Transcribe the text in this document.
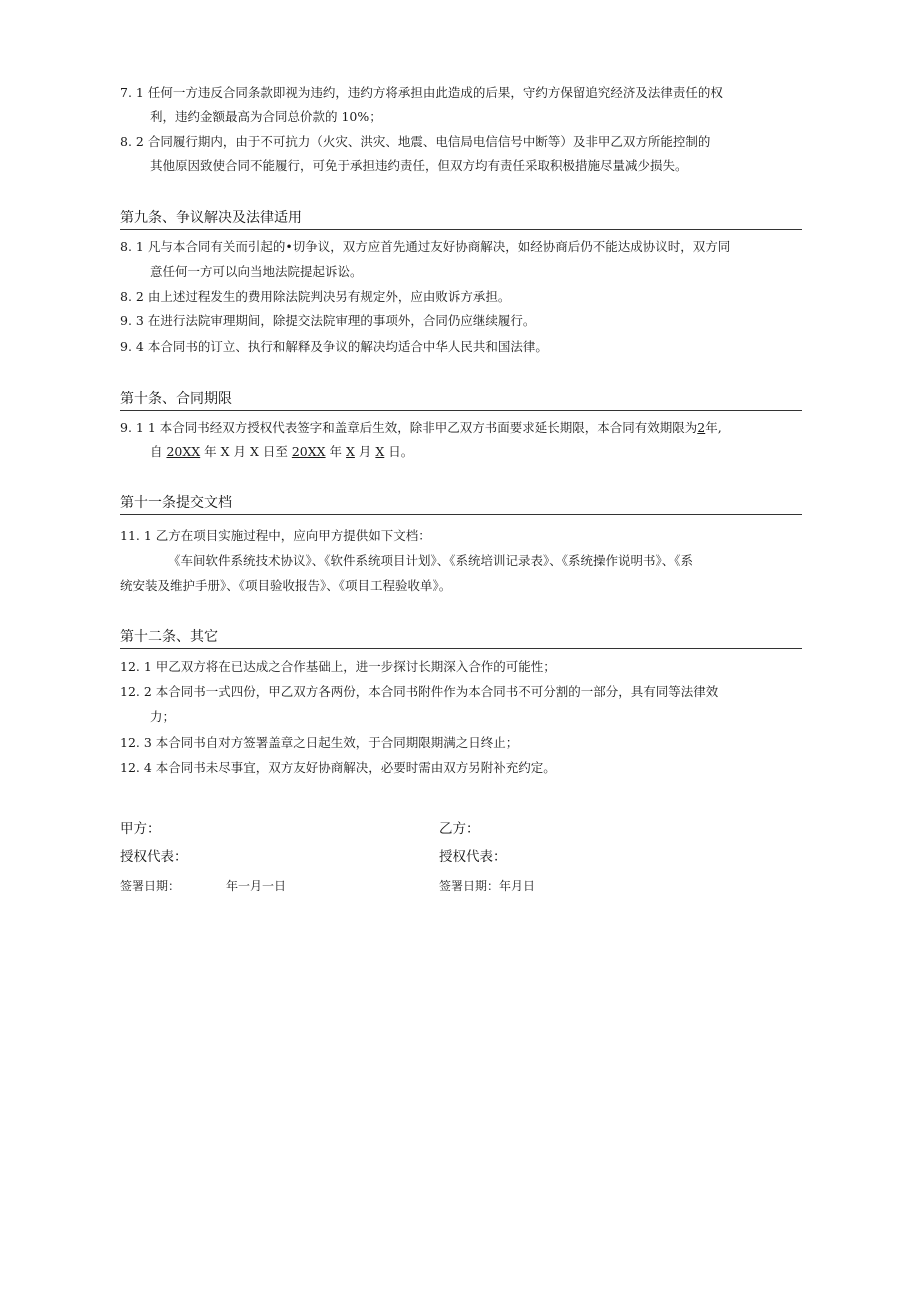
7. 1 任何一方违反合同条款即视为违约，违约方将承担由此造成的后果，守约方保留追究经济及法律责任的权
利，违约金额最高为合同总价款的 10%；
8. 2 合同履行期内，由于不可抗力（火灾、洪灾、地震、电信局电信信号中断等）及非甲乙双方所能控制的
其他原因致使合同不能履行，可免于承担违约责任，但双方均有责任采取积极措施尽量减少损失。
第九条、争议解决及法律适用
8. 1 凡与本合同有关而引起的•切争议，双方应首先通过友好协商解决，如经协商后仍不能达成协议时，双方同
意任何一方可以向当地法院提起诉讼。
8. 2 由上述过程发生的费用除法院判决另有规定外，应由败诉方承担。
9. 3 在进行法院审理期间，除提交法院审理的事项外，合同仍应继续履行。
9. 4 本合同书的订立、执行和解释及争议的解决均适合中华人民共和国法律。
第十条、合同期限
9. 1 1 本合同书经双方授权代表签字和盖章后生效，除非甲乙双方书面要求延长期限，本合同有效期限为2年,
自 20XX 年 X 月 X 日至 20XX 年 X 月 X 日。
第十一条提交文档
11. 1 乙方在项目实施过程中，应向甲方提供如下文档：
《车间软件系统技术协议》、《软件系统项目计划》、《系统培训记录表》、《系统操作说明书》、《系
统安装及维护手册》、《项目验收报告》、《项目工程验收单》。
第十二条、其它
12. 1 甲乙双方将在已达成之合作基础上，进一步探讨长期深入合作的可能性；
12. 2 本合同书一式四份，甲乙双方各两份，本合同书附件作为本合同书不可分割的一部分，具有同等法律效
力；
12. 3 本合同书自对方签署盖章之日起生效，于合同期限期满之日终止；
12. 4 本合同书未尽事宜，双方友好协商解决，必要时需由双方另附补充约定。
甲方：	乙方：
授权代表：	授权代表：
签署日期：	年一月一日	签署日期：年月日
